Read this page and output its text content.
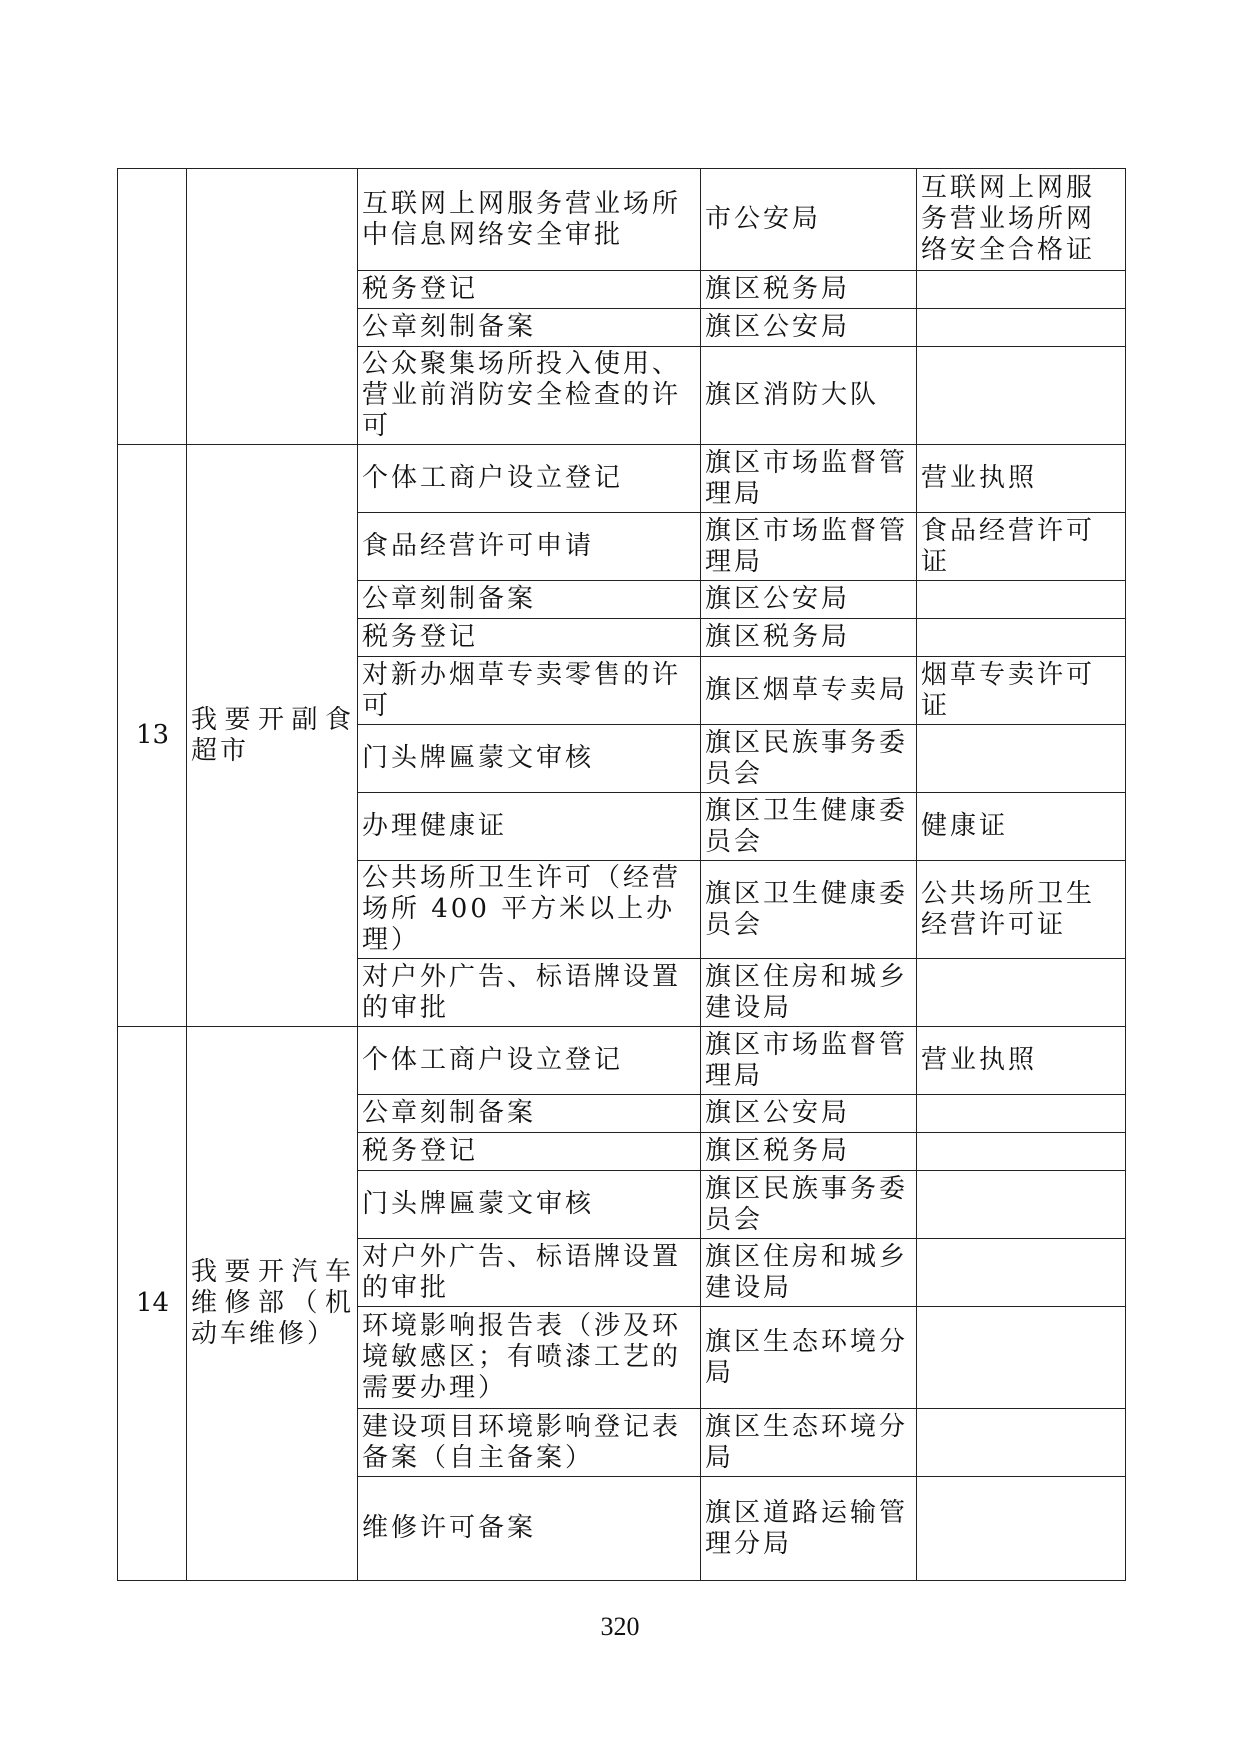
		互联网上网服务营业场所中信息网络安全审批	市公安局	互联网上网服务营业场所网络安全合格证
		税务登记	旗区税务局	
		公章刻制备案	旗区公安局	
		公众聚集场所投入使用、营业前消防安全检查的许可	旗区消防大队	
13	我要开副食超市	个体工商户设立登记	旗区市场监督管理局	营业执照
		食品经营许可申请	旗区市场监督管理局	食品经营许可证
		公章刻制备案	旗区公安局	
		税务登记	旗区税务局	
		对新办烟草专卖零售的许可	旗区烟草专卖局	烟草专卖许可证
		门头牌匾蒙文审核	旗区民族事务委员会	
		办理健康证	旗区卫生健康委员会	健康证
		公共场所卫生许可（经营场所 400 平方米以上办理）	旗区卫生健康委员会	公共场所卫生经营许可证
		对户外广告、标语牌设置的审批	旗区住房和城乡建设局	
14	我要开汽车维修部（机动车维修）	个体工商户设立登记	旗区市场监督管理局	营业执照
		公章刻制备案	旗区公安局	
		税务登记	旗区税务局	
		门头牌匾蒙文审核	旗区民族事务委员会	
		对户外广告、标语牌设置的审批	旗区住房和城乡建设局	
		环境影响报告表（涉及环境敏感区；有喷漆工艺的需要办理）	旗区生态环境分局	
		建设项目环境影响登记表备案（自主备案）	旗区生态环境分局	
		维修许可备案	旗区道路运输管理分局	
320
